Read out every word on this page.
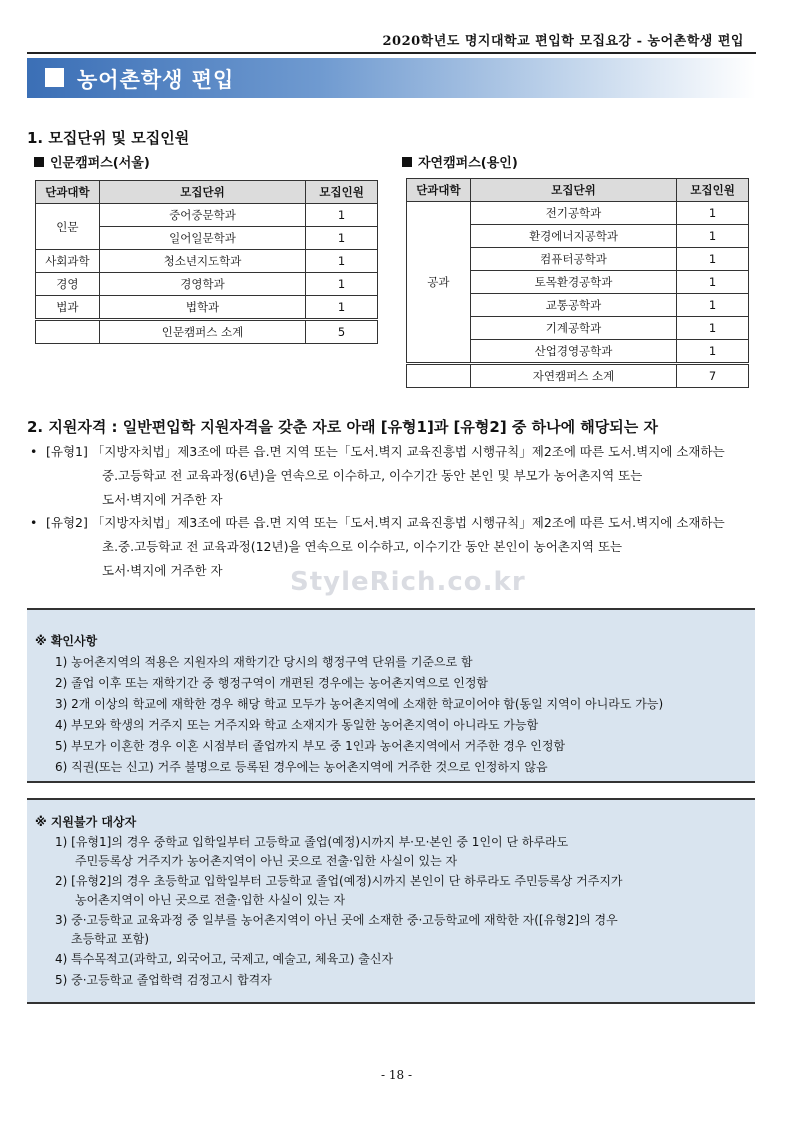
2020학년도 명지대학교 편입학 모집요강 - 농어촌학생 편입
농어촌학생 편입
1. 모집단위 및 모집인원
인문캠퍼스(서울)	자연캠퍼스(용인)
단과대학	모집단위	모집인원
인문	중어중문학과	1
	일어일문학과	1
사회과학	청소년지도학과	1
경영	경영학과	1
법과	법학과	1
	인문캠퍼스 소계	5
단과대학	모집단위	모집인원
공과	전기공학과	1
	환경에너지공학과	1
	컴퓨터공학과	1
	토목환경공학과	1
	교통공학과	1
	기계공학과	1
	산업경영공학과	1
	자연캠퍼스 소계	7
2. 지원자격 : 일반편입학 지원자격을 갖춘 자로 아래 [유형1]과 [유형2] 중 하나에 해당되는 자
• [유형1] 「지방자치법」제3조에 따른 읍.면 지역 또는「도서.벽지 교육진흥법 시행규칙」제2조에 따른 도서.벽지에 소재하는
중.고등학교 전 교육과정(6년)을 연속으로 이수하고, 이수기간 동안 본인 및 부모가 농어촌지역 또는
도서·벽지에 거주한 자
• [유형2] 「지방자치법」제3조에 따른 읍.면 지역 또는「도서.벽지 교육진흥법 시행규칙」제2조에 따른 도서.벽지에 소재하는
초.중.고등학교 전 교육과정(12년)을 연속으로 이수하고, 이수기간 동안 본인이 농어촌지역 또는
도서·벽지에 거주한 자	StyleRich.co.kr
※ 확인사항
1) 농어촌지역의 적용은 지원자의 재학기간 당시의 행정구역 단위를 기준으로 함
2) 졸업 이후 또는 재학기간 중 행정구역이 개편된 경우에는 농어촌지역으로 인정함
3) 2개 이상의 학교에 재학한 경우 해당 학교 모두가 농어촌지역에 소재한 학교이어야 함(동일 지역이 아니라도 가능)
4) 부모와 학생의 거주지 또는 거주지와 학교 소재지가 동일한 농어촌지역이 아니라도 가능함
5) 부모가 이혼한 경우 이혼 시점부터 졸업까지 부모 중 1인과 농어촌지역에서 거주한 경우 인정함
6) 직권(또는 신고) 거주 불명으로 등록된 경우에는 농어촌지역에 거주한 것으로 인정하지 않음
※ 지원불가 대상자
1) [유형1]의 경우 중학교 입학일부터 고등학교 졸업(예정)시까지 부·모·본인 중 1인이 단 하루라도
주민등록상 거주지가 농어촌지역이 아닌 곳으로 전출·입한 사실이 있는 자
2) [유형2]의 경우 초등학교 입학일부터 고등학교 졸업(예정)시까지 본인이 단 하루라도 주민등록상 거주지가
농어촌지역이 아닌 곳으로 전출·입한 사실이 있는 자
3) 중·고등학교 교육과정 중 일부를 농어촌지역이 아닌 곳에 소재한 중·고등학교에 재학한 자([유형2]의 경우
초등학교 포함)
4) 특수목적고(과학고, 외국어고, 국제고, 예술고, 체육고) 출신자
5) 중·고등학교 졸업학력 검정고시 합격자
- 18 -
